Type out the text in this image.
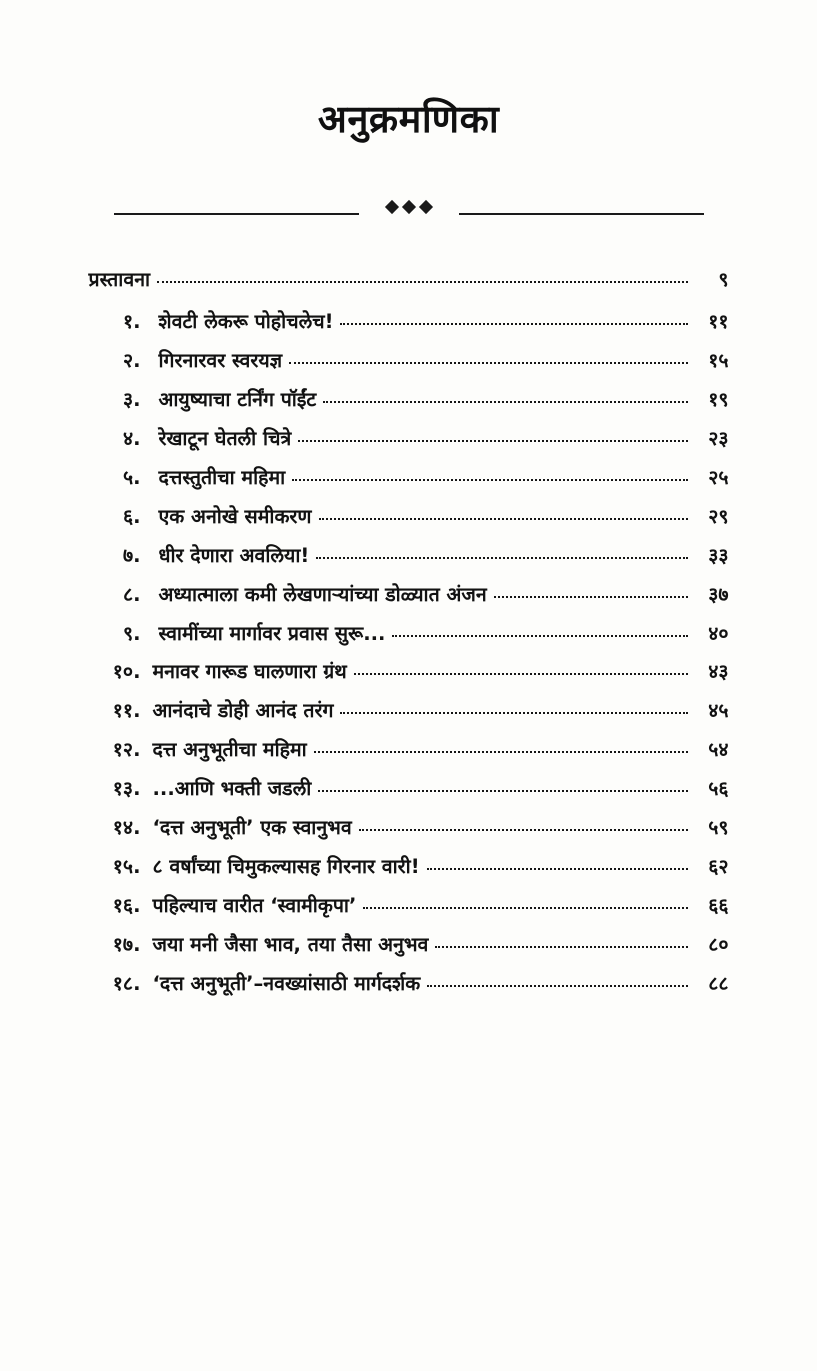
अनुक्रमणिका
प्रस्तावना	९
१. शेवटी लेकरू पोहोचलेच!	११
२. गिरनारवर स्वरयज्ञ	१५
३. आयुष्याचा टर्निंग पॉईंट	१९
४. रेखाटून घेतली चित्रे	२३
५. दत्तस्तुतीचा महिमा	२५
६. एक अनोखे समीकरण	२९
७. धीर देणारा अवलिया!	३३
८. अध्यात्माला कमी लेखणाऱ्यांच्या डोळ्यात अंजन	३७
९. स्वामींच्या मार्गावर प्रवास सुरू...	४०
१०. मनावर गारूड घालणारा ग्रंथ	४३
११. आनंदाचे डोही आनंद तरंग	४५
१२. दत्त अनुभूतीचा महिमा	५४
१३. ...आणि भक्ती जडली	५६
१४. ‘दत्त अनुभूती’ एक स्वानुभव	५९
१५. ८ वर्षांच्या चिमुकल्यासह गिरनार वारी!	६२
१६. पहिल्याच वारीत ‘स्वामीकृपा’	६६
१७. जया मनी जैसा भाव, तया तैसा अनुभव	८०
१८. ‘दत्त अनुभूती’–नवख्यांसाठी मार्गदर्शक	८८
